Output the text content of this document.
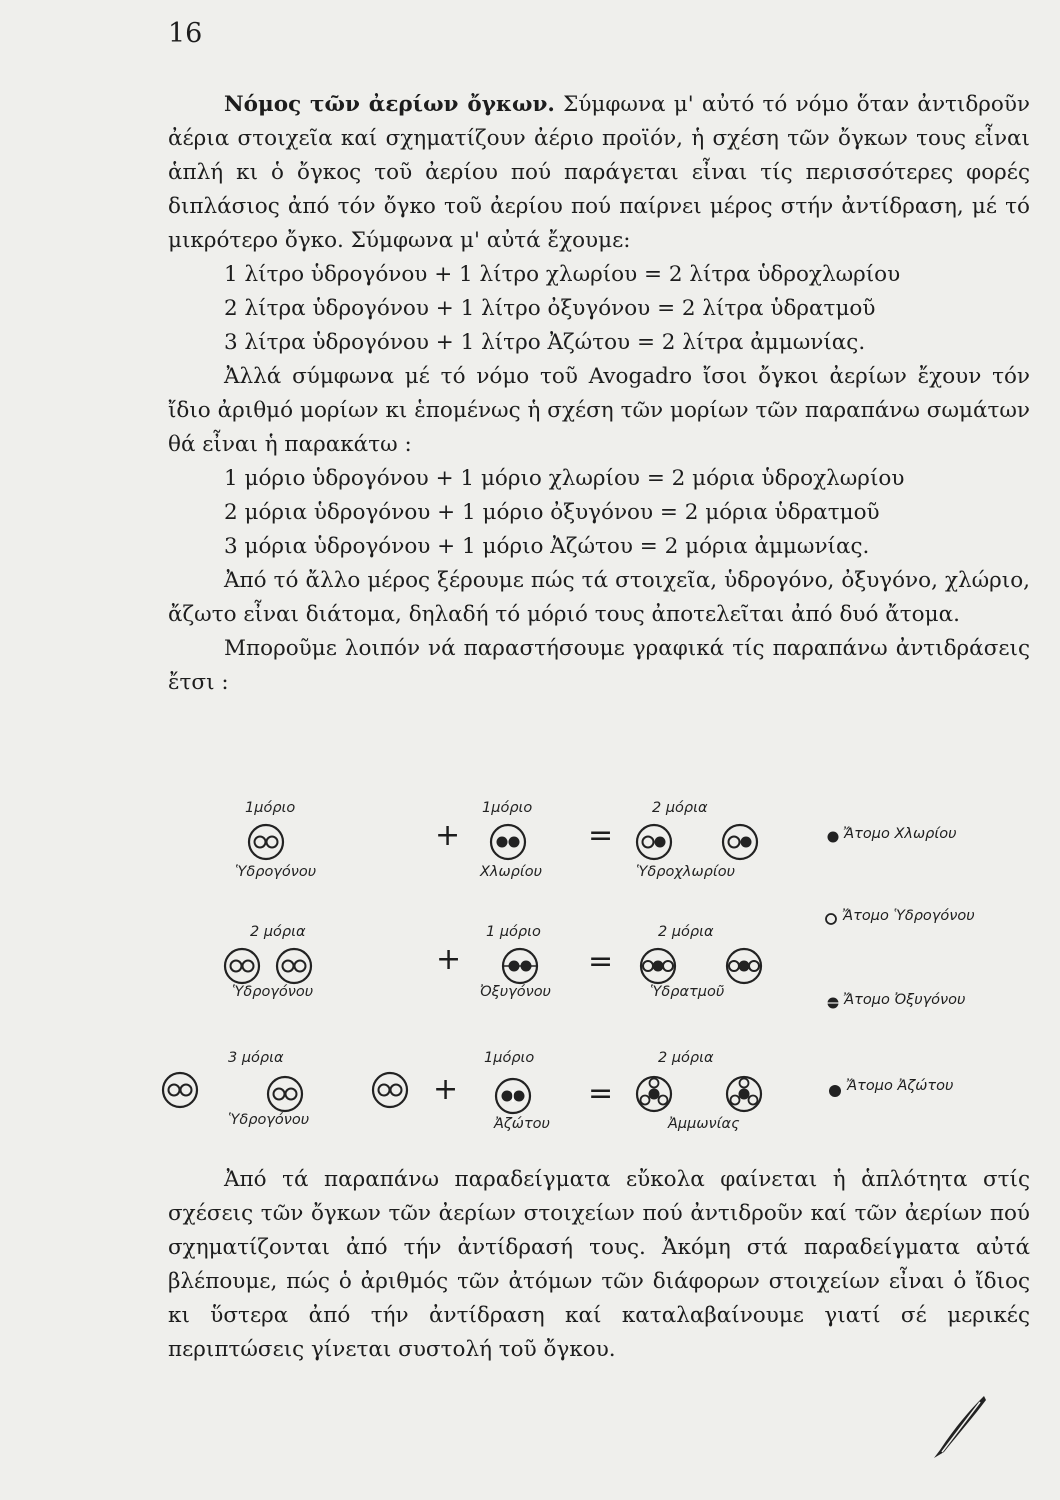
16
Νόμος τῶν ἀερίων ὄγκων. Σύμφωνα μ' αὐτό τό νόμο ὅταν ἀντιδροῦν ἀέρια στοιχεῖα καί σχηματίζουν ἀέριο προϊόν, ἡ σχέση τῶν ὄγκων τους εἶναι ἁπλή κι ὁ ὄγκος τοῦ ἀερίου πού παράγεται εἶναι τίς περισσότερες φορές διπλάσιος ἀπό τόν ὄγκο τοῦ ἀερίου πού παίρνει μέρος στήν ἀντίδραση, μέ τό μικρότερο ὄγκο. Σύμφωνα μ' αὐτά ἔχουμε:
1 λίτρο ὑδρογόνου + 1 λίτρο χλωρίου = 2 λίτρα ὑδροχλωρίου
2 λίτρα ὑδρογόνου + 1 λίτρο ὀξυγόνου = 2 λίτρα ὑδρατμοῦ
3 λίτρα ὑδρογόνου + 1 λίτρο Ἀζώτου = 2 λίτρα ἀμμωνίας.
Ἀλλά σύμφωνα μέ τό νόμο τοῦ Avogadro ἴσοι ὄγκοι ἀερίων ἔχουν τόν ἴδιο ἀριθμό μορίων κι ἑπομένως ἡ σχέση τῶν μορίων τῶν παραπάνω σωμάτων θά εἶναι ἡ παρακάτω :
1 μόριο ὑδρογόνου + 1 μόριο χλωρίου = 2 μόρια ὑδροχλωρίου
2 μόρια ὑδρογόνου + 1 μόριο ὀξυγόνου = 2 μόρια ὑδρατμοῦ
3 μόρια ὑδρογόνου + 1 μόριο Ἀζώτου = 2 μόρια ἀμμωνίας.
Ἀπό τό ἄλλο μέρος ξέρουμε πώς τά στοιχεῖα, ὑδρογόνο, ὀξυγόνο, χλώριο, ἄζωτο εἶναι διάτομα, δηλαδή τό μόριό τους ἀποτελεῖται ἀπό δυό ἄτομα.
Μποροῦμε λοιπόν νά παραστήσουμε γραφικά τίς παραπάνω ἀντιδράσεις ἔτσι :
1μόριο
Ὑδρογόνου
+
1μόριο
Χλωρίου
=
2 μόρια
Ὑδροχλωρίου
Ἄτομο Χλωρίου
Ἄτομο Ὑδρογόνου
2 μόρια
Ὑδρογόνου
+
1 μόριο
Ὀξυγόνου
=
2 μόρια
Ὑδρατμοῦ	Ἄτομο Ὀξυγόνου
3 μόρια
Ὑδρογόνου
+
1μόριο
Ἀζώτου
=
2 μόρια
Ἀμμωνίας
Ἄτομο Ἀζώτου
Ἀπό τά παραπάνω παραδείγματα εὔκολα φαίνεται ἡ ἁπλότητα στίς σχέσεις τῶν ὄγκων τῶν ἀερίων στοιχείων πού ἀντιδροῦν καί τῶν ἀερίων πού σχηματίζονται ἀπό τήν ἀντίδρασή τους. Ἀκόμη στά παραδείγματα αὐτά βλέπουμε, πώς ὁ ἀριθμός τῶν ἀτόμων τῶν διάφορων στοιχείων εἶναι ὁ ἴδιος κι ὕστερα ἀπό τήν ἀντίδραση καί καταλαβαίνουμε γιατί σέ μερικές περιπτώσεις γίνεται συστολή τοῦ ὄγκου.
